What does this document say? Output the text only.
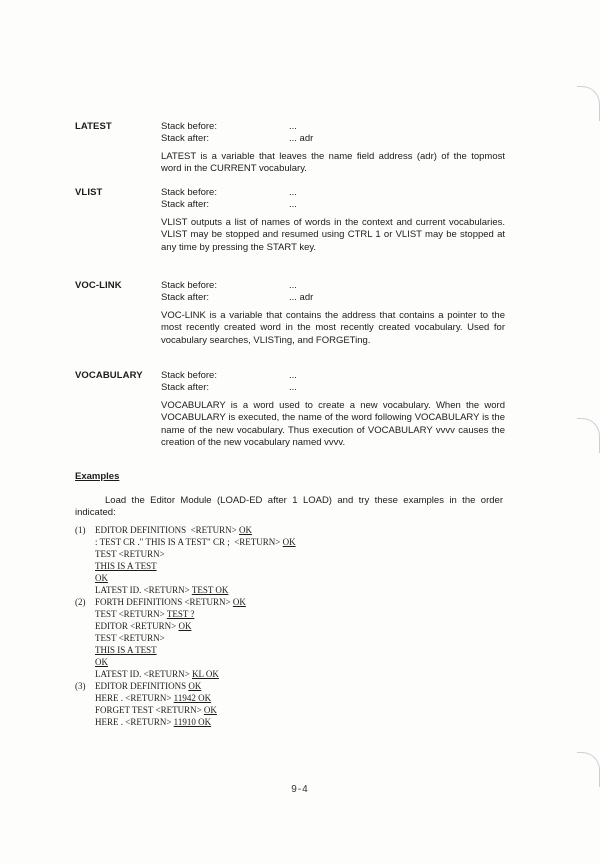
LATEST	Stack before:	...
Stack after:	... adr
LATEST is a variable that leaves the name field address (adr) of the topmost word in the CURRENT vocabulary.
VLIST	Stack before:	...
Stack after:	...
VLIST outputs a list of names of words in the context and current vocabularies. VLIST may be stopped and resumed using CTRL 1 or VLIST may be stopped at any time by pressing the START key.
VOC-LINK	Stack before:	...
Stack after:	... adr
VOC-LINK is a variable that contains the address that contains a pointer to the most recently created word in the most recently created vocabulary. Used for vocabulary searches, VLISTing, and FORGETing.
VOCABULARY Stack before:	...
Stack after:	...
VOCABULARY is a word used to create a new vocabulary. When the word VOCABULARY is executed, the name of the word following VOCABULARY is the name of the new vocabulary. Thus execution of VOCABULARY vvvv causes the creation of the new vocabulary named vvvv.
Examples
Load the Editor Module (LOAD-ED after 1 LOAD) and try these examples in the order indicated:
(1) EDITOR DEFINITIONS  <RETURN> OK
: TEST CR ." THIS IS A TEST" CR ;  <RETURN> OK
TEST <RETURN>
THIS IS A TEST
OK
LATEST ID. <RETURN> TEST OK
(2) FORTH DEFINITIONS <RETURN> OK
TEST <RETURN> TEST ?
EDITOR <RETURN> OK
TEST <RETURN>
THIS IS A TEST
OK
LATEST ID. <RETURN> KL OK
(3) EDITOR DEFINITIONS OK
HERE . <RETURN> 11942 OK
FORGET TEST <RETURN> OK
HERE . <RETURN> 11910 OK
9-4
